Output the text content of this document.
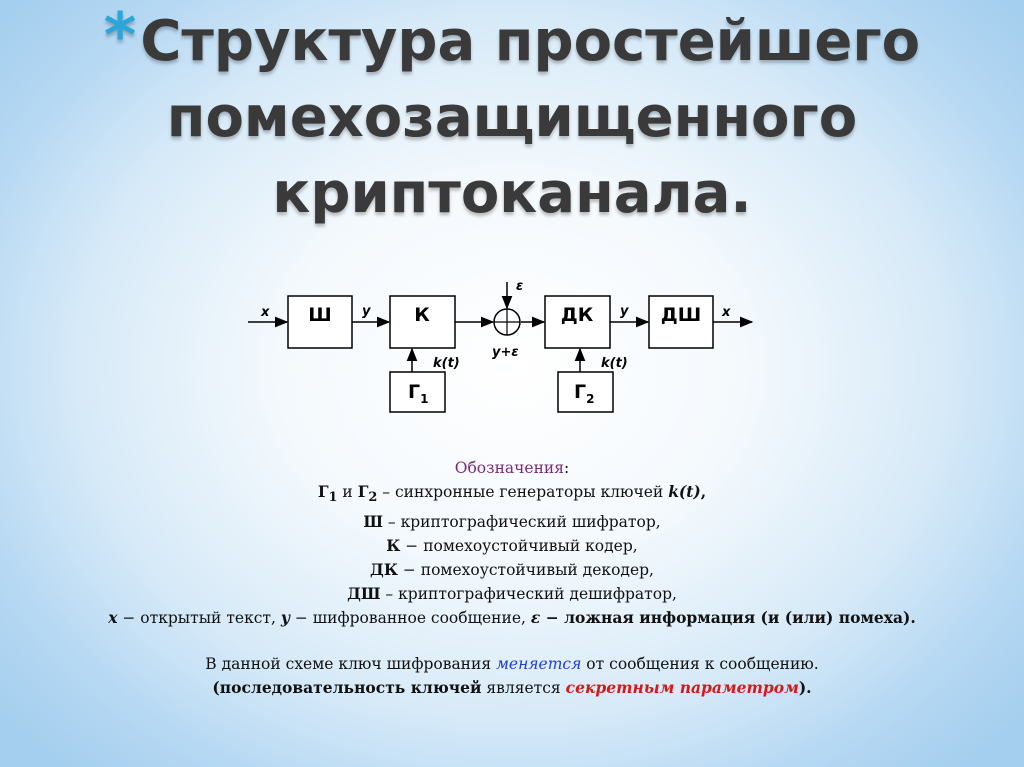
*Структура простейшего
помехозащищенного
криптоканала.
Ш	К	ДК	ДШ
$Г_1$	$Г_2$
x	y
ε
y+ε
y	x
k(t)	k(t)
Обозначения:
$Г_1$ и $Г_2$ – синхронные генераторы ключей k(t),
Ш – криптографический шифратор,
К − помехоустойчивый кодер,
ДК − помехоустойчивый декодер,
ДШ – криптографический дешифратор,
x − открытый текст, y − шифрованное сообщение, ε − ложная информация (и (или) помеха).
В данной схеме ключ шифрования меняется от сообщения к сообщению.
(последовательность ключей является секретным параметром).
